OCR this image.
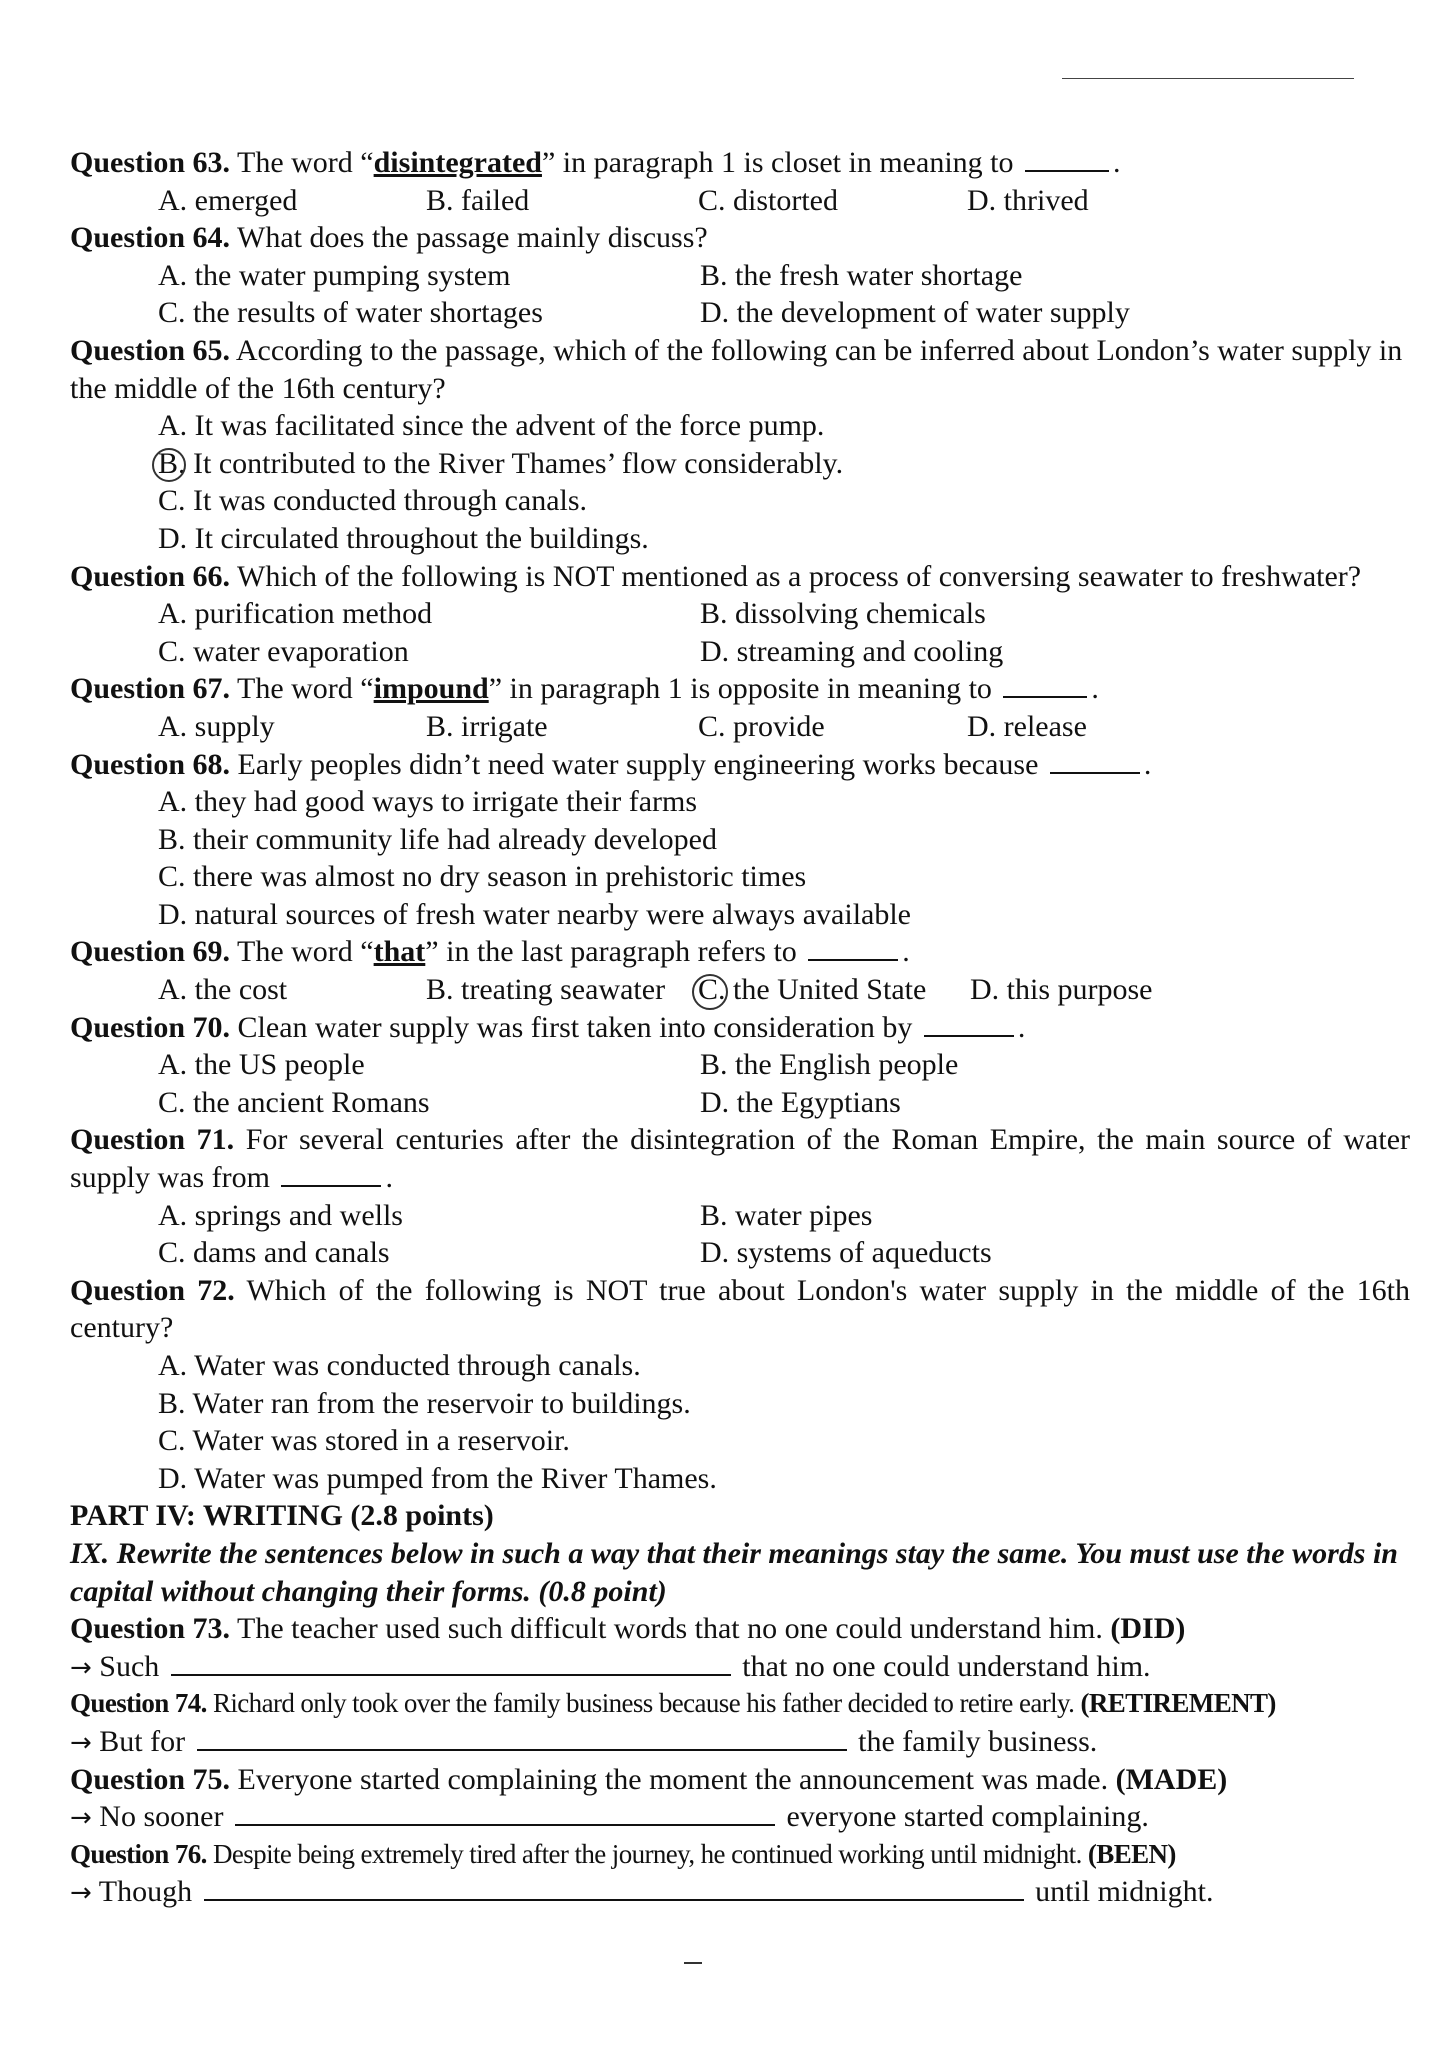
Question 63. The word “disintegrated” in paragraph 1 is closet in meaning to	.
A. emerged	B. failed	C. distorted	D. thrived
Question 64. What does the passage mainly discuss?
A. the water pumping system	B. the fresh water shortage
C. the results of water shortages	D. the development of water supply
Question 65. According to the passage, which of the following can be inferred about London’s water supply in the middle of the 16th century?
A. It was facilitated since the advent of the force pump.
B. It contributed to the River Thames’ flow considerably.
C. It was conducted through canals.
D. It circulated throughout the buildings.
Question 66. Which of the following is NOT mentioned as a process of conversing seawater to freshwater?
A. purification method	B. dissolving chemicals
C. water evaporation	D. streaming and cooling
Question 67. The word “impound” in paragraph 1 is opposite in meaning to	.
A. supply	B. irrigate	C. provide	D. release
Question 68. Early peoples didn’t need water supply engineering works because	.
A. they had good ways to irrigate their farms
B. their community life had already developed
C. there was almost no dry season in prehistoric times
D. natural sources of fresh water nearby were always available
Question 69. The word “that” in the last paragraph refers to	.
A. the cost	B. treating seawater C. the United State D. this purpose
Question 70. Clean water supply was first taken into consideration by	.
A. the US people	B. the English people
C. the ancient Romans	D. the Egyptians
Question 71. For several centuries after the disintegration of the Roman Empire, the main source of water supply was from	.
A. springs and wells	B. water pipes
C. dams and canals	D. systems of aqueducts
Question 72. Which of the following is NOT true about London's water supply in the middle of the 16th century?
A. Water was conducted through canals.
B. Water ran from the reservoir to buildings.
C. Water was stored in a reservoir.
D. Water was pumped from the River Thames.
PART IV: WRITING (2.8 points)
IX. Rewrite the sentences below in such a way that their meanings stay the same. You must use the words in capital without changing their forms. (0.8 point)
Question 73. The teacher used such difficult words that no one could understand him. (DID)
→ Such	that no one could understand him.
Question 74. Richard only took over the family business because his father decided to retire early. (RETIREMENT)
→ But for	the family business.
Question 75. Everyone started complaining the moment the announcement was made. (MADE)
→ No sooner	everyone started complaining.
Question 76. Despite being extremely tired after the journey, he continued working until midnight. (BEEN)
→ Though	until midnight.
